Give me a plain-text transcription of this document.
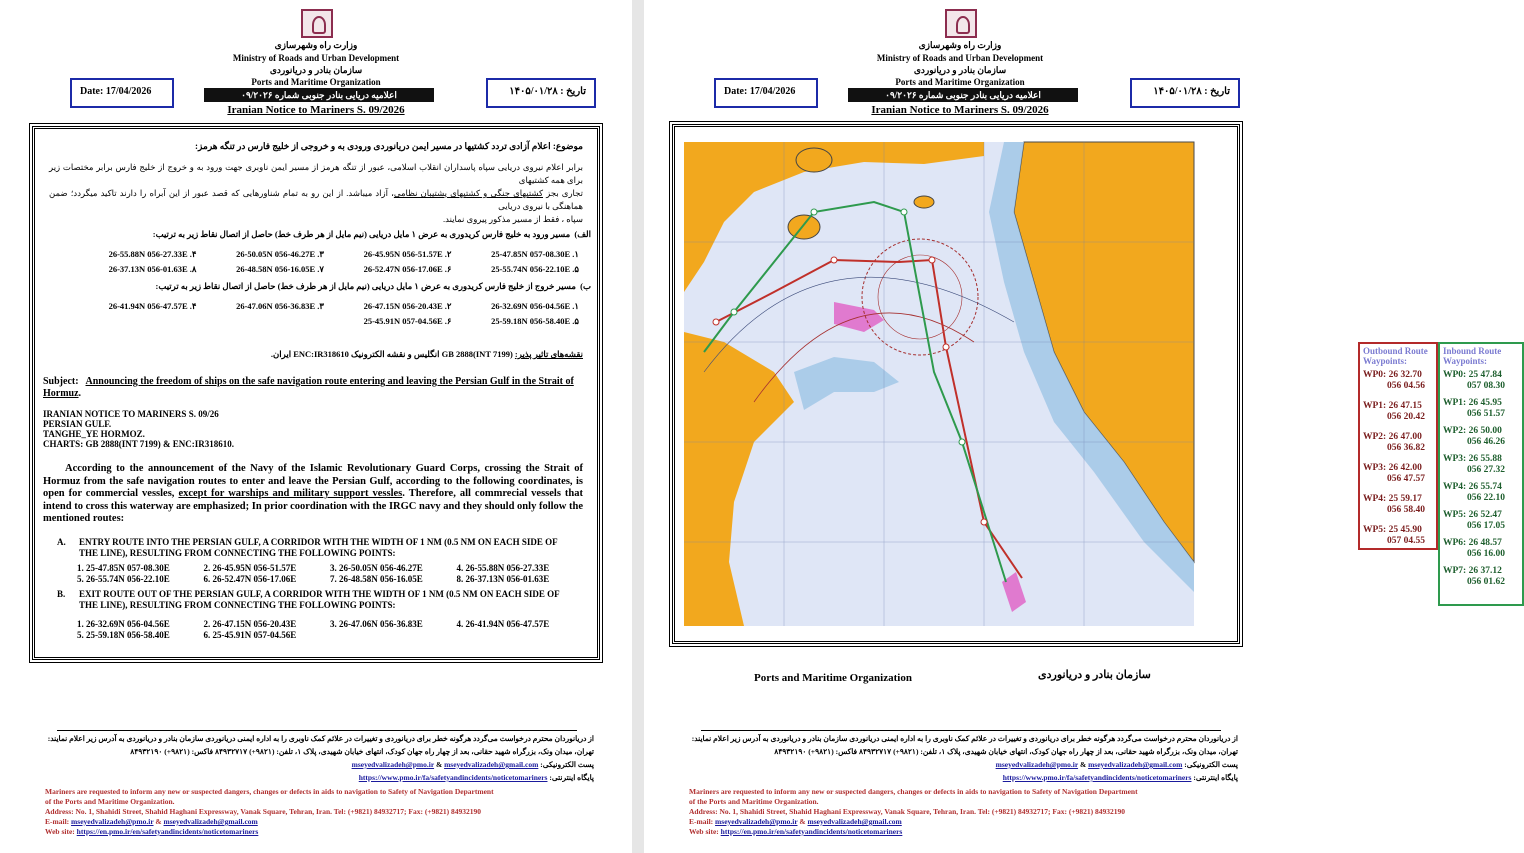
وزارت راه وشهرسازی
Ministry of Roads and Urban Development
سازمان بنادر و دریانوردی
Ports and Maritime Organization
Date: 17/04/2026	تاریخ : ۱۴۰۵/۰۱/۲۸
اعلامیه دریایی بنادر جنوبی شماره ۰۹/۲۰۲۶
Iranian Notice to Mariners S. 09/2026
موضوع: اعلام آزادی تردد کشتیها در مسیر ایمن دریانوردی ورودی به و خروجی از خلیج فارس در تنگه هرمز:
برابر اعلام نیروی دریایی سپاه پاسداران انقلاب اسلامی، عبور از تنگه هرمز از مسیر ایمن ناوبری جهت ورود به و خروج از خلیج فارس برابر مختصات زیر برای همه کشتیهای
تجاری بجز کشتیهای جنگی و کشتیهای پشتیبان نظامی، آزاد میباشد. از این رو به تمام شناورهایی که قصد عبور از این آبراه را دارند تاکید میگردد؛ ضمن هماهنگی با نیروی دریایی
سپاه ، فقط از مسیر مذکور پیروی نمایند.
الف)  مسیر ورود به خلیج فارس کریدوری به عرض ۱ مایل دریایی (نیم مایل از هر طرف خط) حاصل از اتصال نقاط زیر به ترتیب:
۱. 25-47.85N 057-08.30E
۲. 26-45.95N 056-51.57E
۳. 26-50.05N 056-46.27E
۴. 26-55.88N 056-27.33E
۵. 25-55.74N 056-22.10E
۶. 26-52.47N 056-17.06E
۷. 26-48.58N 056-16.05E
۸. 26-37.13N 056-01.63E
ب)  مسیر خروج از خلیج فارس کریدوری به عرض ۱ مایل دریایی (نیم مایل از هر طرف خط) حاصل از اتصال نقاط زیر به ترتیب:
۱. 26-32.69N 056-04.56E
۲. 26-47.15N 056-20.43E
۳. 26-47.06N 056-36.83E
۴. 26-41.94N 056-47.57E
۵. 25-59.18N 056-58.40E
۶. 25-45.91N 057-04.56E
نقشه‌های تاثیر پذیر: GB 2888(INT 7199) انگلیس و نقشه الکترونیک ENC:IR318610 ایران.
Subject: Announcing the freedom of ships on the safe navigation route entering and leaving the Persian Gulf in the Strait of Hormuz.
IRANIAN NOTICE TO MARINERS S. 09/26
PERSIAN GULF.
TANGHE_YE HORMOZ.
CHARTS: GB 2888(INT 7199) & ENC:IR318610.
According to the announcement of the Navy of the Islamic Revolutionary Guard Corps, crossing the Strait of Hormuz from the safe navigation routes to enter and leave the Persian Gulf, according to the following coordinates, is open for commercial vessles, except for warships and military support vessles. Therefore, all commrecial vessels that intend to cross this waterway are emphasized; In prior coordination with the IRGC navy and they should only follow the mentioned routes:
A.	ENTRY ROUTE INTO THE PERSIAN GULF, A CORRIDOR WITH THE WIDTH OF 1 NM (0.5 NM ON EACH SIDE OF THE LINE), RESULTING FROM CONNECTING THE FOLLOWING POINTS:
1. 25-47.85N 057-08.30E	2. 26-45.95N 056-51.57E	3. 26-50.05N 056-46.27E	4. 26-55.88N 056-27.33E
5. 26-55.74N 056-22.10E	6. 26-52.47N 056-17.06E	7. 26-48.58N 056-16.05E	8. 26-37.13N 056-01.63E
B.	EXIT ROUTE OUT OF THE PERSIAN GULF, A CORRIDOR WITH THE WIDTH OF 1 NM (0.5 NM ON EACH SIDE OF THE LINE), RESULTING FROM CONNECTING THE FOLLOWING POINTS:
1. 26-32.69N 056-04.56E	2. 26-47.15N 056-20.43E	3. 26-47.06N 056-36.83E	4. 26-41.94N 056-47.57E
5. 25-59.18N 056-58.40E	6. 25-45.91N 057-04.56E
از دریانوردان محترم درخواست می‌گردد هرگونه خطر برای دریانوردی و تغییرات در علائم کمک ناوبری را به اداره ایمنی دریانوردی سازمان بنادر و دریانوردی به آدرس زیر اعلام نمایند:
تهران، میدان ونک، بزرگراه شهید حقانی، بعد از چهار راه جهان کودک، انتهای خیابان شهیدی، پلاک ۱، تلفن: (۹۸۲۱+) ۸۴۹۳۲۷۱۷ فاکس: (۹۸۲۱+) ۸۴۹۳۲۱۹۰
پست الکترونیکی: mseyedvalizadeh@pmo.ir & mseyedvalizadeh@gmail.com
پایگاه اینترنتی: https://www.pmo.ir/fa/safetyandincidents/noticetomariners
Mariners are requested to inform any new or suspected dangers, changes or defects in aids to navigation to Safety of Navigation Department
of the Ports and Maritime Organization.
Address: No. 1, Shahidi Street, Shahid Haghani Expressway, Vanak Square, Tehran, Iran. Tel: (+9821) 84932717; Fax: (+9821) 84932190
E-mail: mseyedvalizadeh@pmo.ir & mseyedvalizadeh@gmail.com
Web site: https://en.pmo.ir/en/safetyandincidents/noticetomariners
وزارت راه وشهرسازی
Ministry of Roads and Urban Development
سازمان بنادر و دریانوردی
Ports and Maritime Organization
Date: 17/04/2026	تاریخ : ۱۴۰۵/۰۱/۲۸
اعلامیه دریایی بنادر جنوبی شماره ۰۹/۲۰۲۶
Iranian Notice to Mariners S. 09/2026
Outbound Route Waypoints:
WP0: 26 32.70
056 04.56
WP1: 26 47.15
056 20.42
WP2: 26 47.00
056 36.82
WP3: 26 42.00
056 47.57
WP4: 25 59.17
056 58.40
WP5: 25 45.90
057 04.55
Inbound Route Waypoints:
WP0: 25 47.84
057 08.30
WP1: 26 45.95
056 51.57
WP2: 26 50.00
056 46.26
WP3: 26 55.88
056 27.32
WP4: 26 55.74
056 22.10
WP5: 26 52.47
056 17.05
WP6: 26 48.57
056 16.00
WP7: 26 37.12
056 01.62
Ports and Maritime Organization	سازمان بنادر و دریانوردی
از دریانوردان محترم درخواست می‌گردد هرگونه خطر برای دریانوردی و تغییرات در علائم کمک ناوبری را به اداره ایمنی دریانوردی سازمان بنادر و دریانوردی به آدرس زیر اعلام نمایند:
تهران، میدان ونک، بزرگراه شهید حقانی، بعد از چهار راه جهان کودک، انتهای خیابان شهیدی، پلاک ۱، تلفن: (۹۸۲۱+) ۸۴۹۳۲۷۱۷ فاکس: (۹۸۲۱+) ۸۴۹۳۲۱۹۰
پست الکترونیکی: mseyedvalizadeh@pmo.ir & mseyedvalizadeh@gmail.com
پایگاه اینترنتی: https://www.pmo.ir/fa/safetyandincidents/noticetomariners
Mariners are requested to inform any new or suspected dangers, changes or defects in aids to navigation to Safety of Navigation Department
of the Ports and Maritime Organization.
Address: No. 1, Shahidi Street, Shahid Haghani Expressway, Vanak Square, Tehran, Iran. Tel: (+9821) 84932717; Fax: (+9821) 84932190
E-mail: mseyedvalizadeh@pmo.ir & mseyedvalizadeh@gmail.com
Web site: https://en.pmo.ir/en/safetyandincidents/noticetomariners
